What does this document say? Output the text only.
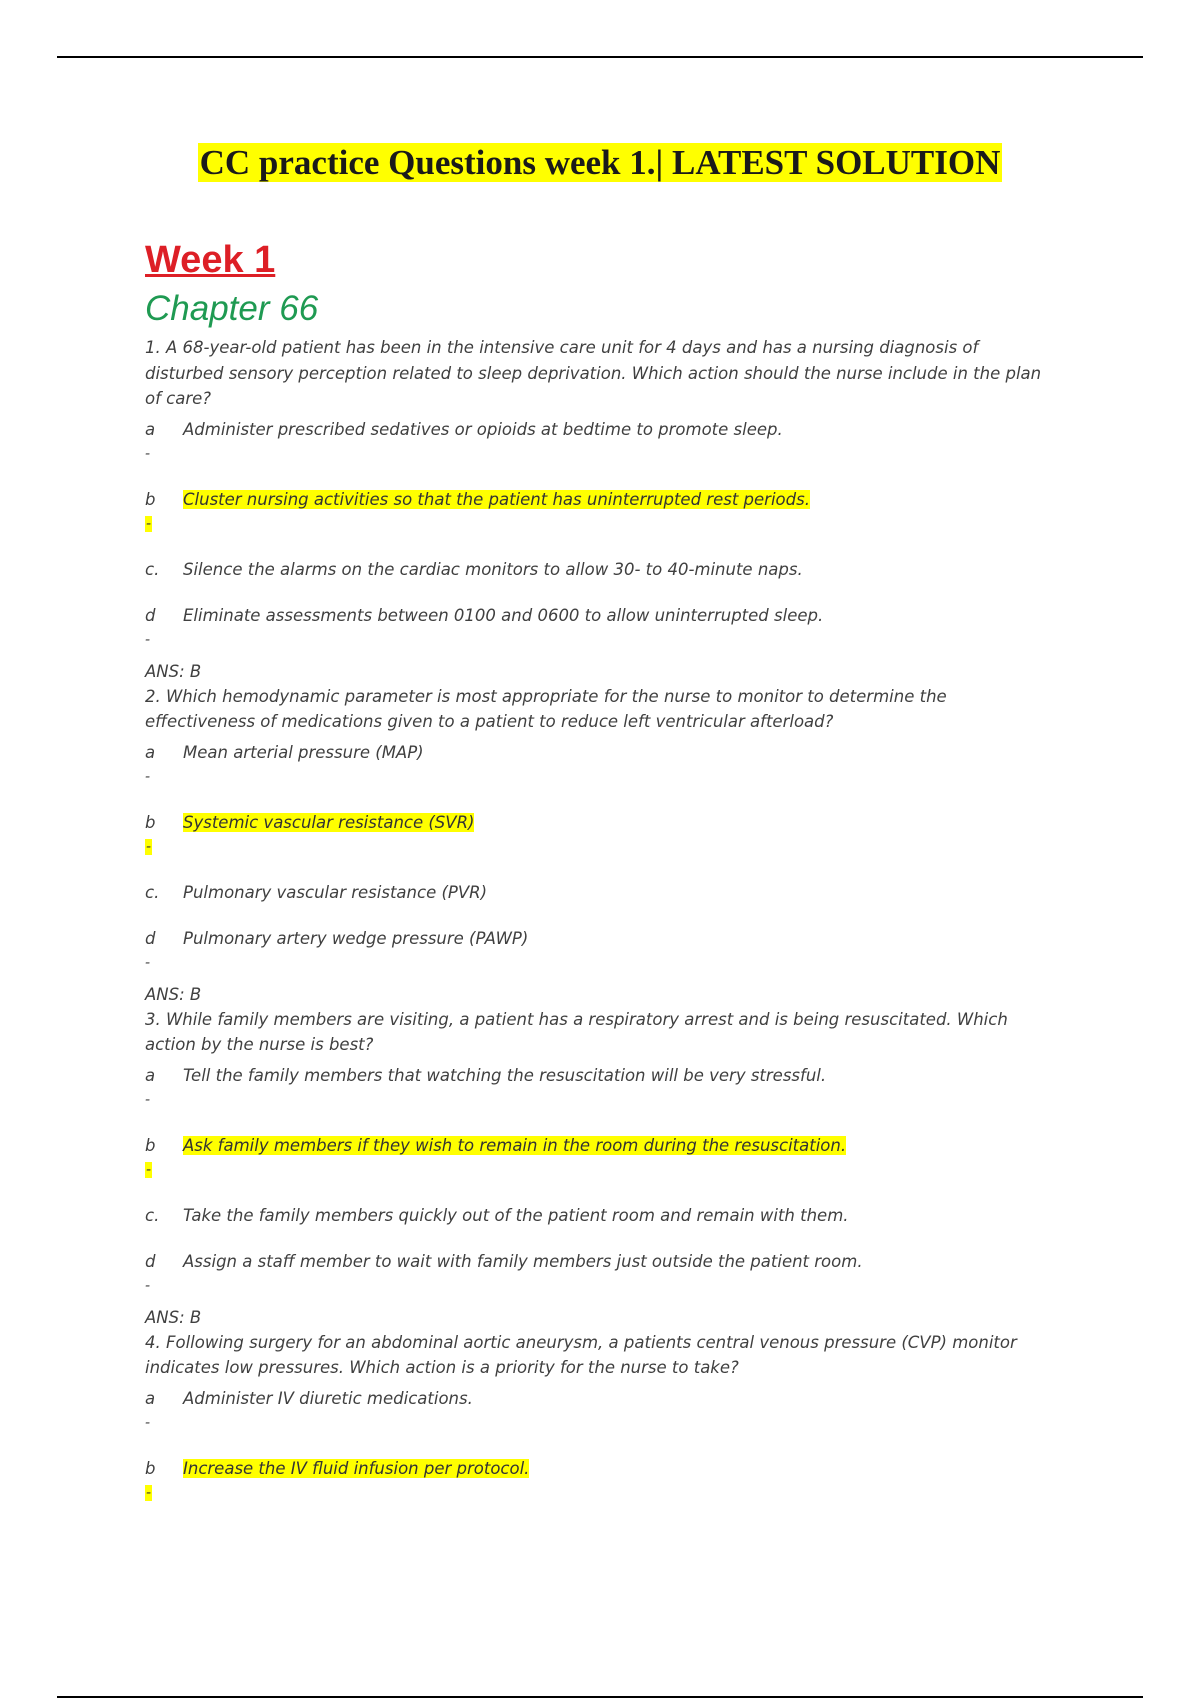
CC practice Questions week 1.| LATEST SOLUTION
Week 1
Chapter 66
1. A 68-year-old patient has been in the intensive care unit for 4 days and has a nursing diagnosis of disturbed sensory perception related to sleep deprivation. Which action should the nurse include in the plan of care?
a Administer prescribed sedatives or opioids at bedtime to promote sleep.
-
b Cluster nursing activities so that the patient has uninterrupted rest periods.
-
c. Silence the alarms on the cardiac monitors to allow 30- to 40-minute naps.
d Eliminate assessments between 0100 and 0600 to allow uninterrupted sleep.
-
ANS: B
2. Which hemodynamic parameter is most appropriate for the nurse to monitor to determine the effectiveness of medications given to a patient to reduce left ventricular afterload?
a Mean arterial pressure (MAP)
-
b Systemic vascular resistance (SVR)
-
c. Pulmonary vascular resistance (PVR)
d Pulmonary artery wedge pressure (PAWP)
-
ANS: B
3. While family members are visiting, a patient has a respiratory arrest and is being resuscitated. Which action by the nurse is best?
a Tell the family members that watching the resuscitation will be very stressful.
-
b Ask family members if they wish to remain in the room during the resuscitation.
-
c. Take the family members quickly out of the patient room and remain with them.
d Assign a staff member to wait with family members just outside the patient room.
-
ANS: B
4. Following surgery for an abdominal aortic aneurysm, a patients central venous pressure (CVP) monitor indicates low pressures. Which action is a priority for the nurse to take?
a Administer IV diuretic medications.
-
b Increase the IV fluid infusion per protocol.
-
